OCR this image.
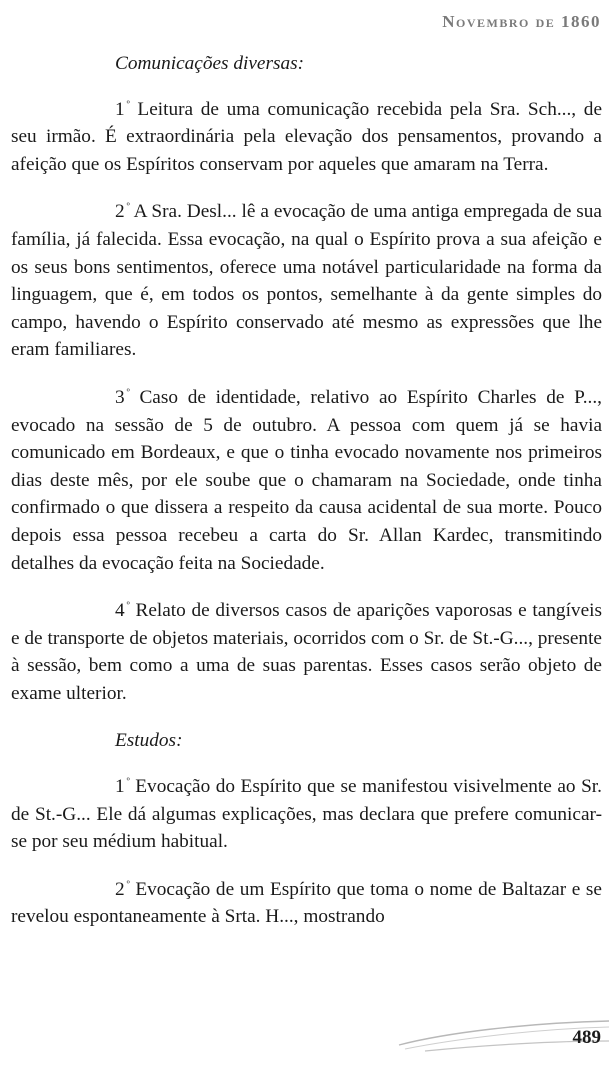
Novembro de 1860

Comunicações diversas:

1 $^º$ Leitura de uma comunicação recebida pela Sra. Sch..., de seu irmão. É extraordinária pela elevação dos pensamentos, provando a afeição que os Espíritos conservam por aqueles que amaram na Terra.

2 $^º$ A Sra. Desl... lê a evocação de uma antiga empregada de sua família, já falecida. Essa evocação, na qual o Espírito prova a sua afeição e os seus bons sentimentos, oferece uma notável particularidade na forma da linguagem, que é, em todos os pontos, semelhante à da gente simples do campo, havendo o Espírito conservado até mesmo as expressões que lhe eram familiares.

3 $^º$ Caso de identidade, relativo ao Espírito Charles de P..., evocado na sessão de 5 de outubro. A pessoa com quem já se havia comunicado em Bordeaux, e que o tinha evocado novamente nos primeiros dias deste mês, por ele soube que o chamaram na Sociedade, onde tinha confirmado o que dissera a respeito da causa acidental de sua morte. Pouco depois essa pessoa recebeu a carta do Sr. Allan Kardec, transmitindo detalhes da evocação feita na Sociedade.

4 $^º$ Relato de diversos casos de aparições vaporosas e tangíveis e de transporte de objetos materiais, ocorridos com o Sr. de St.-G..., presente à sessão, bem como a uma de suas parentas. Esses casos serão objeto de exame ulterior.

Estudos:

1 $^º$ Evocação do Espírito que se manifestou visivelmente ao Sr. de St.-G... Ele dá algumas explicações, mas declara que prefere comunicar-se por seu médium habitual.

2 $^º$ Evocação de um Espírito que toma o nome de Baltazar e se revelou espontaneamente à Srta. H..., mostrando

489
